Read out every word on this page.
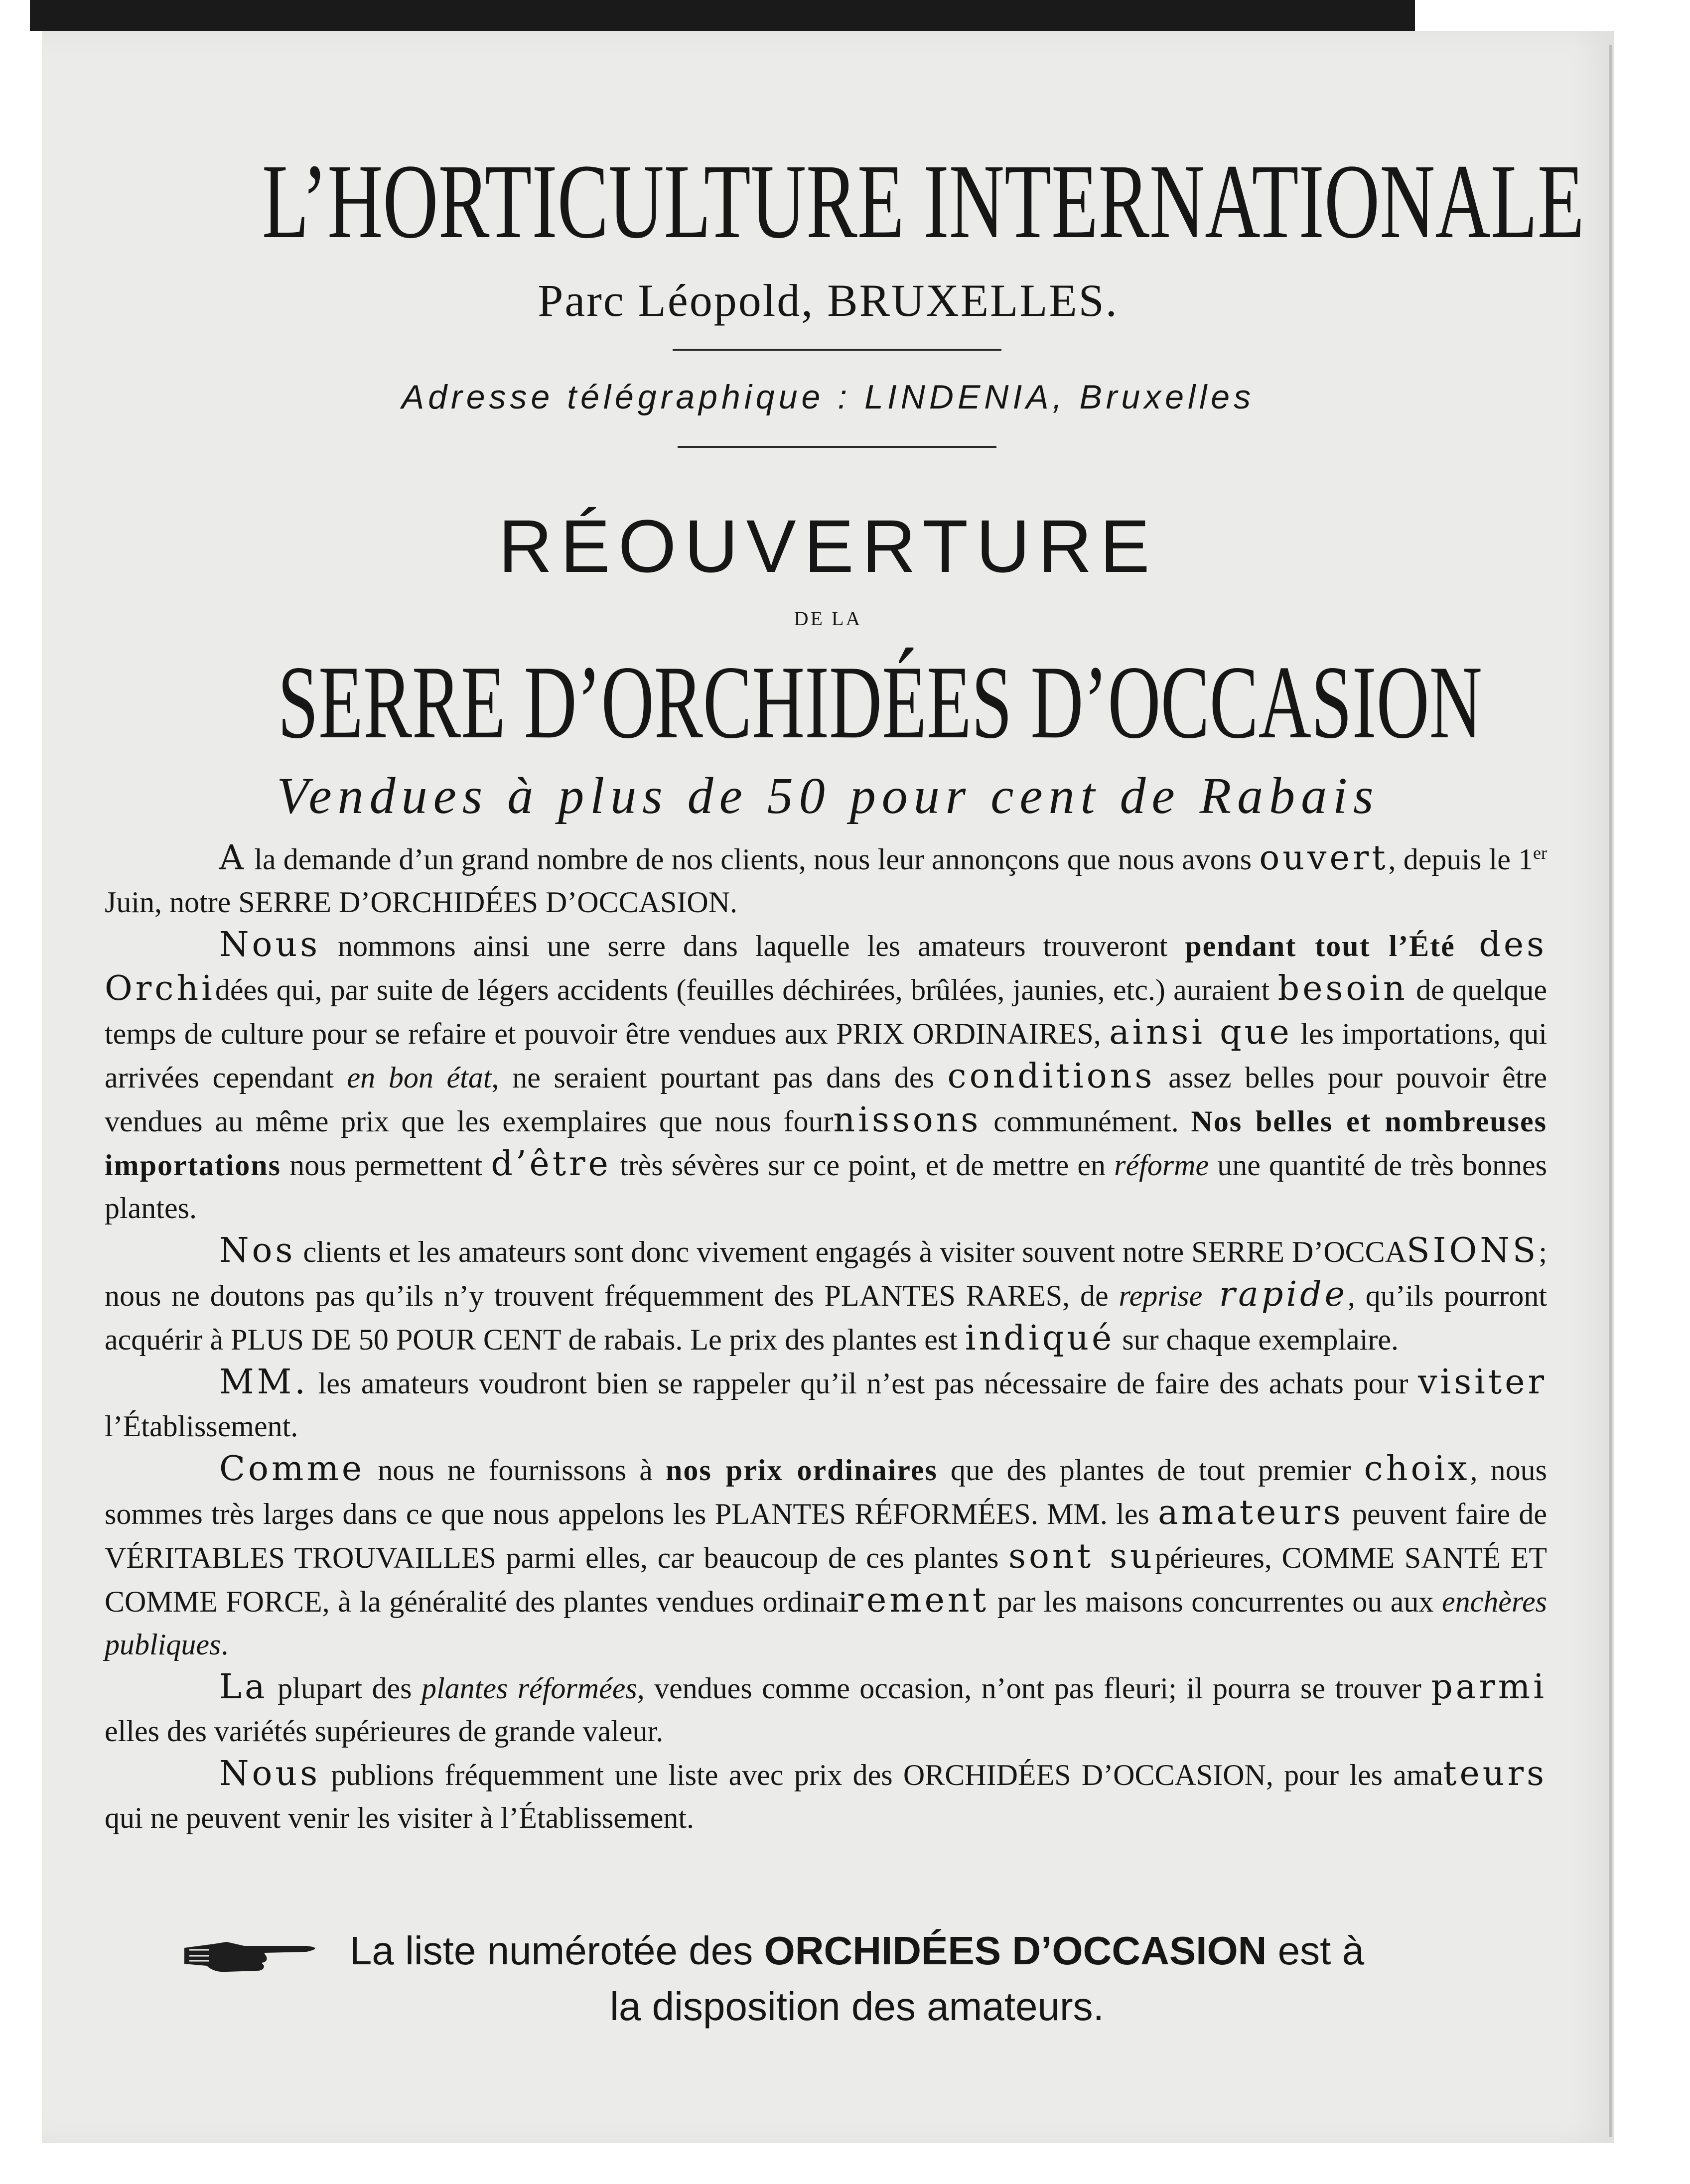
L’HORTICULTURE INTERNATIONALE
Parc Léopold, BRUXELLES.
Adresse télégraphique : LINDENIA, Bruxelles
RÉOUVERTURE
DE LA
SERRE D’ORCHIDÉES D’OCCASION
Vendues à plus de 50 pour cent de Rabais

A la demande d’un grand nombre de nos clients, nous leur annonçons que nous avons ouvert, depuis le 1er Juin, notre SERRE D’ORCHIDÉES D’OCCASION.

Nous nommons ainsi une serre dans laquelle les amateurs trouveront pendant tout l’Été des Orchidées qui, par suite de légers accidents (feuilles déchirées, brûlées, jaunies, etc.) auraient besoin de quelque temps de culture pour se refaire et pouvoir être vendues aux PRIX ORDINAIRES, ainsi que les importations, qui arrivées cependant en bon état, ne seraient pourtant pas dans des conditions assez belles pour pouvoir être vendues au même prix que les exemplaires que nous fournissons communément. Nos belles et nombreuses importations nous permettent d’être très sévères sur ce point, et de mettre en réforme une quantité de très bonnes plantes.

Nos clients et les amateurs sont donc vivement engagés à visiter souvent notre SERRE D’OCCASIONS; nous ne doutons pas qu’ils n’y trouvent fréquemment des PLANTES RARES, de reprise rapide, qu’ils pourront acquérir à PLUS DE 50 POUR CENT de rabais. Le prix des plantes est indiqué sur chaque exemplaire.

MM. les amateurs voudront bien se rappeler qu’il n’est pas nécessaire de faire des achats pour visiter l’Établissement.

Comme nous ne fournissons à nos prix ordinaires que des plantes de tout premier choix, nous sommes très larges dans ce que nous appelons les PLANTES RÉFORMÉES. MM. les amateurs peuvent faire de VÉRITABLES TROUVAILLES parmi elles, car beaucoup de ces plantes sont supérieures, COMME SANTÉ ET COMME FORCE, à la généralité des plantes vendues ordinairement par les maisons concurrentes ou aux enchères publiques.

La plupart des plantes réformées, vendues comme occasion, n’ont pas fleuri; il pourra se trouver parmi elles des variétés supérieures de grande valeur.

Nous publions fréquemment une liste avec prix des ORCHIDÉES D’OCCASION, pour les amateurs qui ne peuvent venir les visiter à l’Établissement.

La liste numérotée des ORCHIDÉES D’OCCASION est à
la disposition des amateurs.
